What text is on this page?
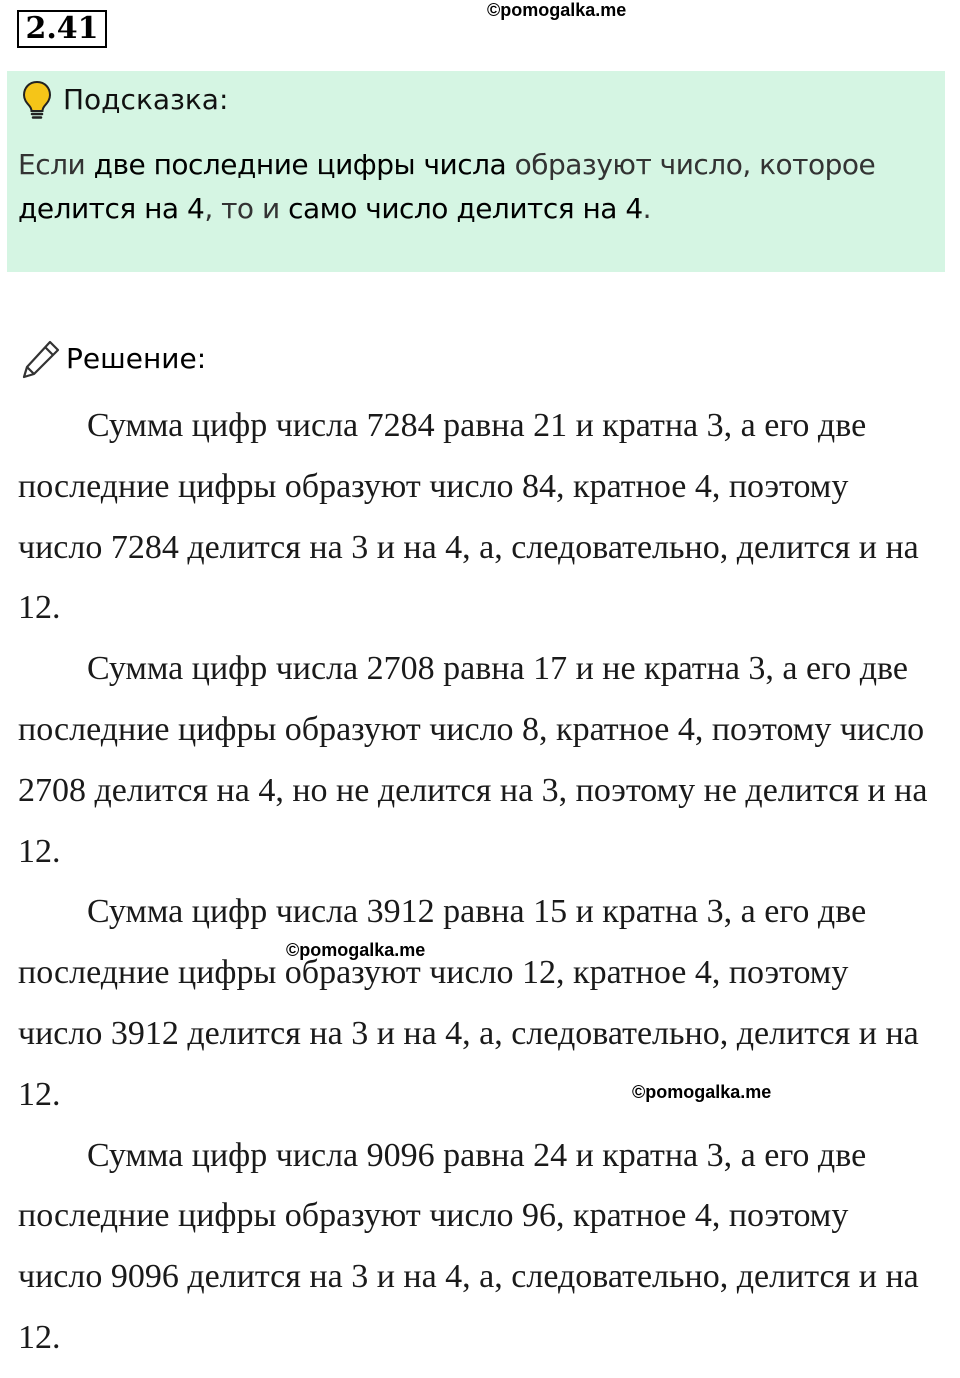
2.41
©pomogalka.me
Подсказка:
Если две последние цифры числа образуют число, которое делится на 4, то и само число делится на 4.
Решение:

Сумма цифр числа 7284 равна 21 и кратна 3, а его две последние цифры образуют число 84, кратное 4, поэтому число 7284 делится на 3 и на 4, а, следовательно, делится и на 12.

Сумма цифр числа 2708 равна 17 и не кратна 3, а его две последние цифры образуют число 8, кратное 4, поэтому число 2708 делится на 4, но не делится на 3, поэтому не делится и на 12.

Сумма цифр числа 3912 равна 15 и кратна 3, а его две последние цифры образуют число 12, кратное 4, поэтому число 3912 делится на 3 и на 4, а, следовательно, делится и на 12.

Сумма цифр числа 9096 равна 24 и кратна 3, а его две последние цифры образуют число 96, кратное 4, поэтому число 9096 делится на 3 и на 4, а, следовательно, делится и на 12.

©pomogalka.me
©pomogalka.me
